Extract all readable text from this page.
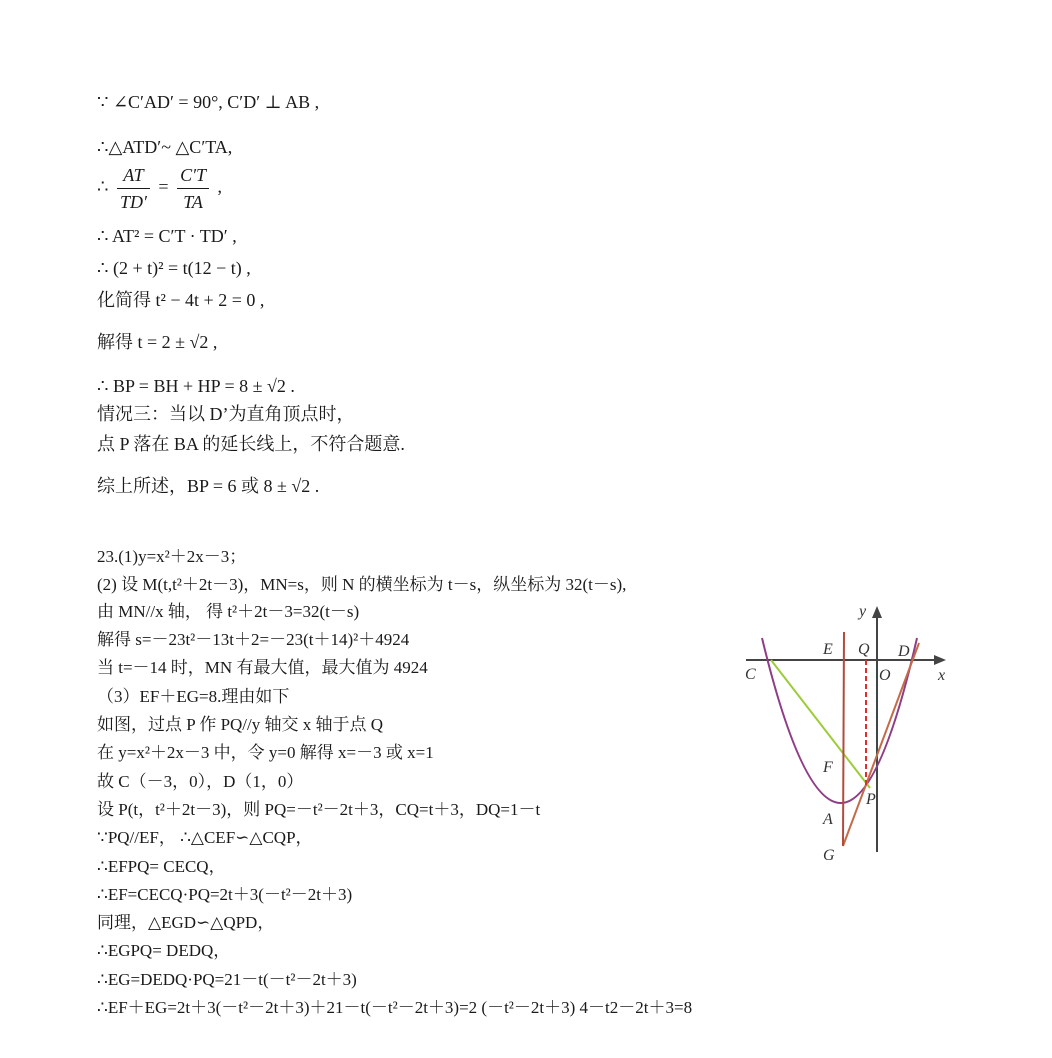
∵ ∠C′AD′ = 90°, C′D′ ⊥ AB ,
∴△ATD′~ △C′TA,
∴ $\frac{AT}{TD'} = \frac{C'T}{TA}$ ,
∴ AT² = C′T · TD′ ,
∴ (2 + t)² = t(12 − t) ,
化简得 t² − 4t + 2 = 0 ,
解得 t = 2 ± √2 ,
∴ BP = BH + HP = 8 ± √2 .
情况三：当以 D’为直角顶点时，
点 P 落在 BA 的延长线上，不符合题意.
综上所述，BP = 6 或 8 ± √2 .
23.(1)y=x²＋2x－3；
(2) 设 M(t,t²＋2t－3)，MN=s，则 N 的横坐标为 t－s，纵坐标为 32(t－s),
由 MN//x 轴， 得 t²＋2t－3=32(t－s)
解得 s=－23t²－13t＋2=－23(t＋14)²＋4924
当 t=－14 时，MN 有最大值，最大值为 4924
（3）EF＋EG=8.理由如下
如图，过点 P 作 PQ//y 轴交 x 轴于点 Q
在 y=x²＋2x－3 中，令 y=0 解得 x=－3 或 x=1
故 C（－3，0），D（1，0）
设 P(t，t²＋2t－3)，则 PQ=－t²－2t＋3，CQ=t＋3，DQ=1－t
∵PQ//EF， ∴△CEF∽△CQP，
∴EFPQ= CECQ，
∴EF=CECQ·PQ=2t＋3(－t²－2t＋3)
同理，△EGD∽△QPD，
∴EGPQ= DEDQ，
∴EG=DEDQ·PQ=21－t(－t²－2t＋3)
∴EF＋EG=2t＋3(－t²－2t＋3)＋21－t(－t²－2t＋3)=2 (－t²－2t＋3) 4－t2－2t＋3=8
y
x
E Q D
C	O
F
P
A
G
